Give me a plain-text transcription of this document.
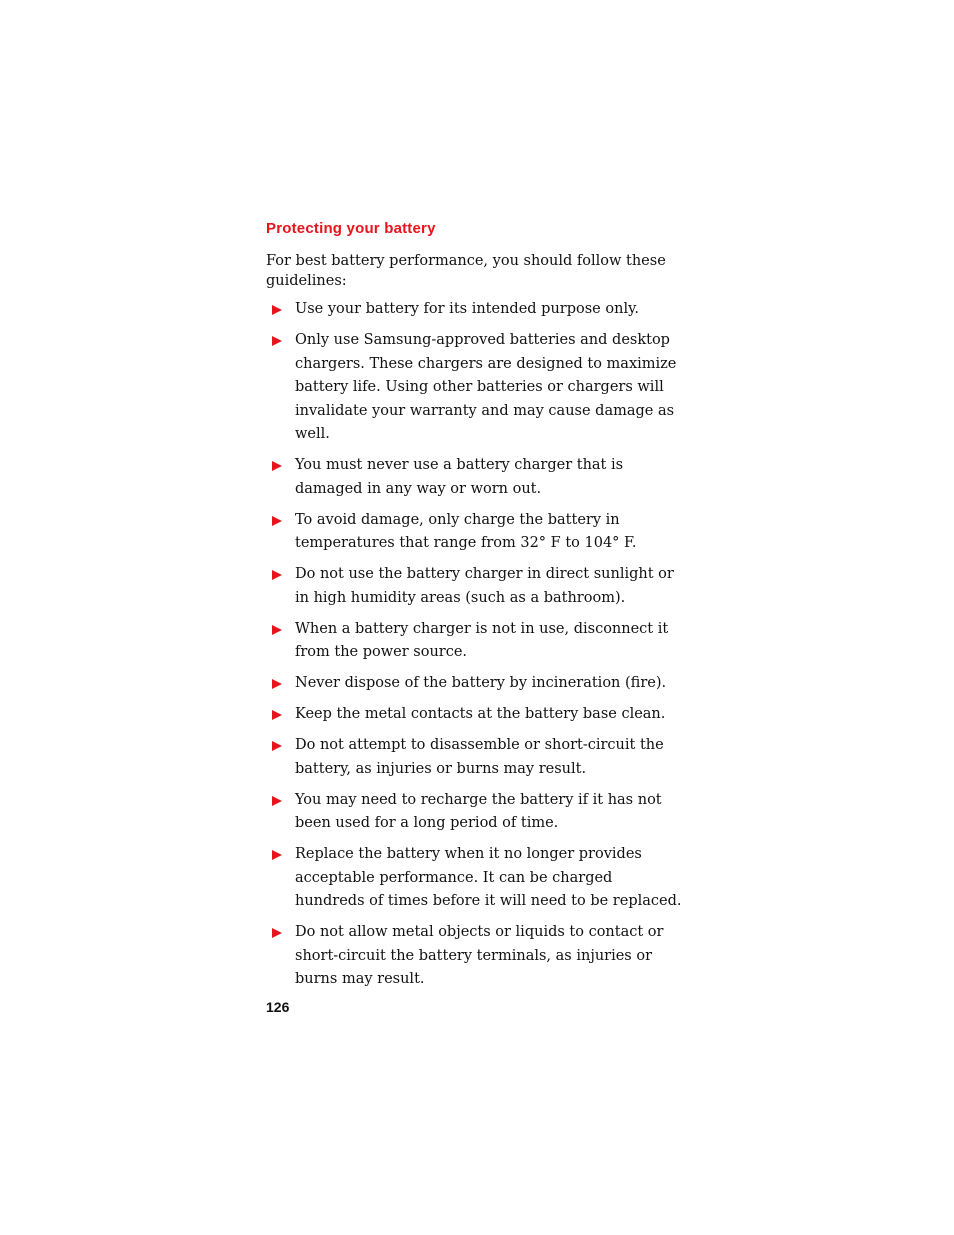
Protecting your battery

For best battery performance, you should follow these guidelines:

Use your battery for its intended purpose only.
Only use Samsung-approved batteries and desktop chargers. These chargers are designed to maximize battery life. Using other batteries or chargers will invalidate your warranty and may cause damage as well.
You must never use a battery charger that is damaged in any way or worn out.
To avoid damage, only charge the battery in temperatures that range from 32° F to 104° F.
Do not use the battery charger in direct sunlight or in high humidity areas (such as a bathroom).
When a battery charger is not in use, disconnect it from the power source.
Never dispose of the battery by incineration (fire).
Keep the metal contacts at the battery base clean.
Do not attempt to disassemble or short-circuit the battery, as injuries or burns may result.
You may need to recharge the battery if it has not been used for a long period of time.
Replace the battery when it no longer provides acceptable performance. It can be charged hundreds of times before it will need to be replaced.
Do not allow metal objects or liquids to contact or short-circuit the battery terminals, as injuries or burns may result.
126
